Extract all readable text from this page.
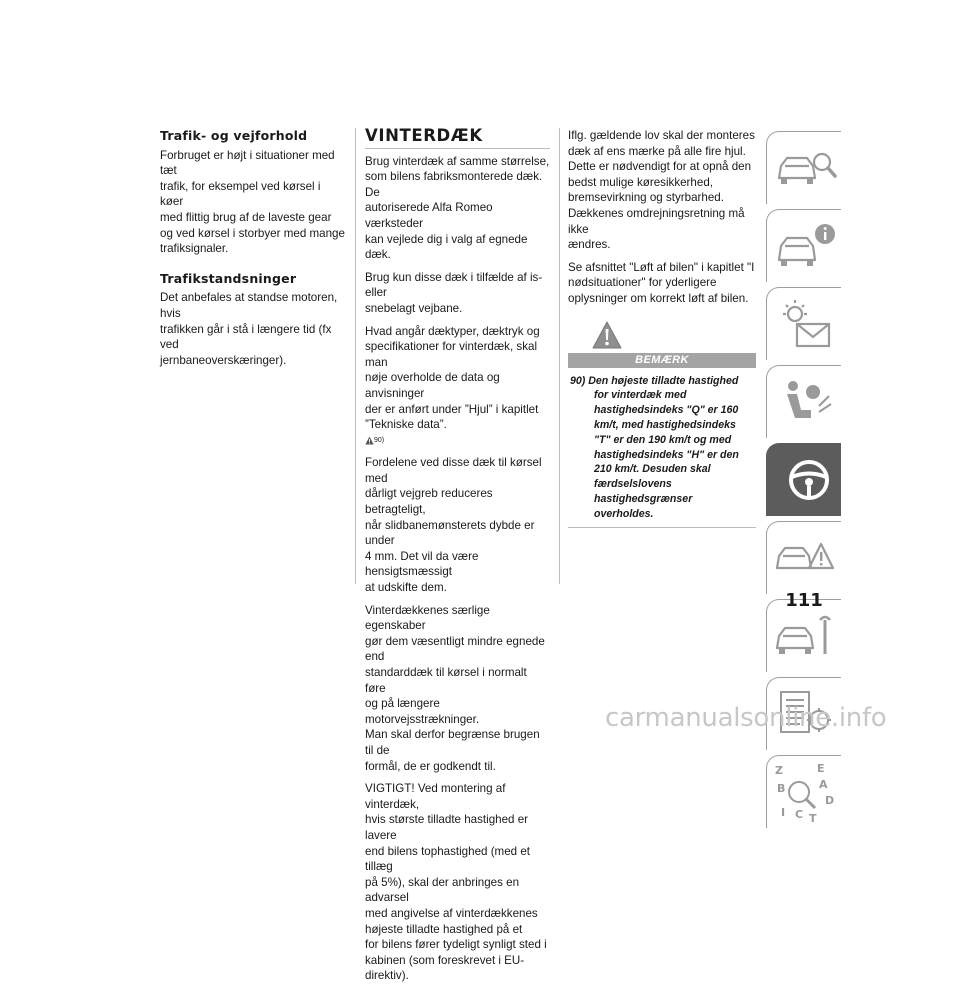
Trafik- og vejforhold

Forbruget er højt i situationer med tæt
trafik, for eksempel ved kørsel i køer
med flittig brug af de laveste gear
og ved kørsel i storbyer med mange
trafiksignaler.

Trafikstandsninger

Det anbefales at standse motoren, hvis
trafikken går i stå i længere tid (fx ved
jernbaneoverskæringer).

VINTERDÆK

Brug vinterdæk af samme størrelse,
som bilens fabriksmonterede dæk. De
autoriserede Alfa Romeo værksteder
kan vejlede dig i valg af egnede dæk.

Brug kun disse dæk i tilfælde af is- eller
snebelagt vejbane.

Hvad angår dæktyper, dæktryk og
specifikationer for vinterdæk, skal man
nøje overholde de data og anvisninger
der er anført under ”Hjul” i kapitlet
”Tekniske data”.
90)

Fordelene ved disse dæk til kørsel med
dårligt vejgreb reduceres betragteligt,
når slidbanemønsterets dybde er under
4 mm. Det vil da være hensigtsmæssigt
at udskifte dem.

Vinterdækkenes særlige egenskaber
gør dem væsentligt mindre egnede end
standarddæk til kørsel i normalt føre
og på længere motorvejsstrækninger.
Man skal derfor begrænse brugen til de
formål, de er godkendt til.

VIGTIGT! Ved montering af vinterdæk,
hvis største tilladte hastighed er lavere
end bilens tophastighed (med et tillæg
på 5%), skal der anbringes en advarsel
med angivelse af vinterdækkenes
højeste tilladte hastighed på et
for bilens fører tydeligt synligt sted i
kabinen (som foreskrevet i EU-direktiv).

Iflg. gældende lov skal der monteres
dæk af ens mærke på alle fire hjul.
Dette er nødvendigt for at opnå den
bedst mulige køresikkerhed,
bremsevirkning og styrbarhed.
Dækkenes omdrejningsretning må ikke
ændres.

Se afsnittet "Løft af bilen" i kapitlet "I
nødsituationer" for yderligere
oplysninger om korrekt løft af bilen.

BEMÆRK
90) Den højeste tilladte hastighed for vinterdæk med hastighedsindeks "Q" er 160 km/t, med hastighedsindeks "T" er den 190 km/t og med hastighedsindeks "H" er den 210 km/t. Desuden skal færdselslovens hastighedsgrænser overholdes.
Z	E
B	A
D
I C T
111
carmanualsonline.info
